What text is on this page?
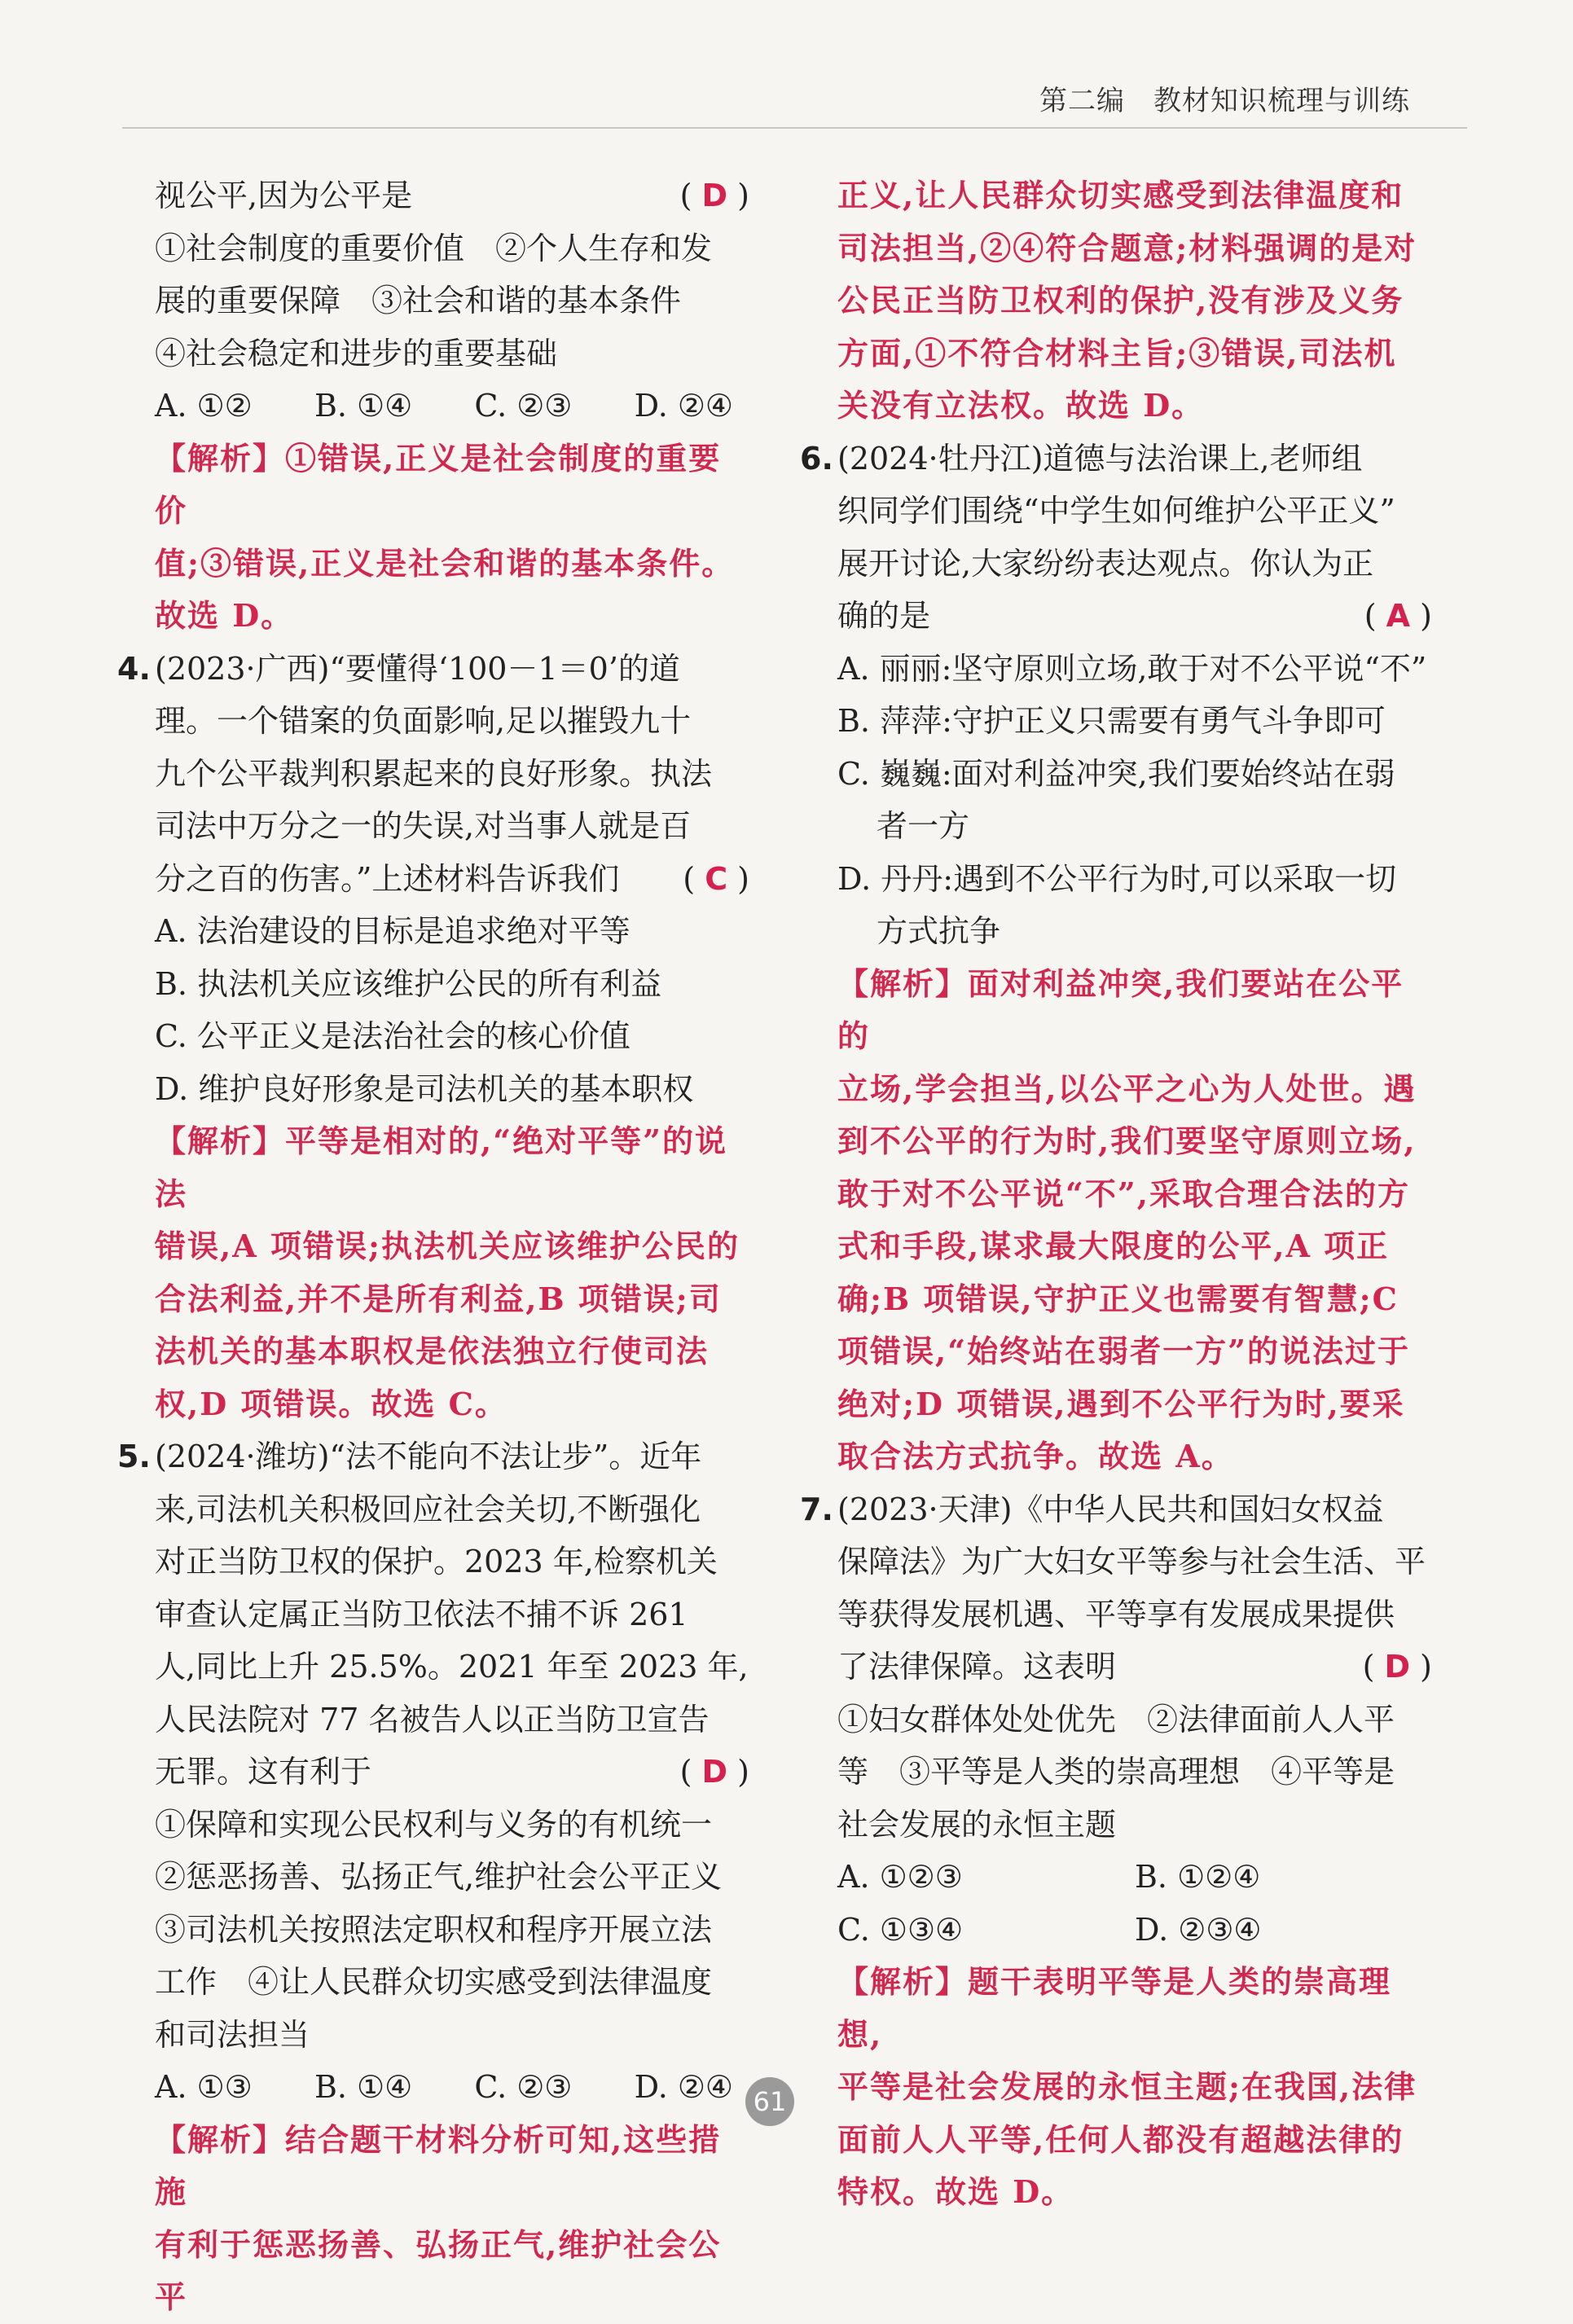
第二编　教材知识梳理与训练
视公平,因为公平是	( D )
①社会制度的重要价值　②个人生存和发
展的重要保障　③社会和谐的基本条件
④社会稳定和进步的重要基础
A. ①② B. ①④ C. ②③ D. ②④
【解析】①错误,正义是社会制度的重要价
值;③错误,正义是社会和谐的基本条件。
故选 D。
4. (2023·广西)“要懂得‘100－1＝0’的道
理。一个错案的负面影响,足以摧毁九十
九个公平裁判积累起来的良好形象。执法
司法中万分之一的失误,对当事人就是百
分之百的伤害。”上述材料告诉我们 ( C )
A. 法治建设的目标是追求绝对平等
B. 执法机关应该维护公民的所有利益
C. 公平正义是法治社会的核心价值
D. 维护良好形象是司法机关的基本职权
【解析】平等是相对的,“绝对平等”的说法
错误,A 项错误;执法机关应该维护公民的
合法利益,并不是所有利益,B 项错误;司
法机关的基本职权是依法独立行使司法
权,D 项错误。故选 C。
5. (2024·潍坊)“法不能向不法让步”。近年
来,司法机关积极回应社会关切,不断强化
对正当防卫权的保护。2023 年,检察机关
审查认定属正当防卫依法不捕不诉 261
人,同比上升 25.5%。2021 年至 2023 年,
人民法院对 77 名被告人以正当防卫宣告
无罪。这有利于	( D )
①保障和实现公民权利与义务的有机统一
②惩恶扬善、弘扬正气,维护社会公平正义
③司法机关按照法定职权和程序开展立法
工作　④让人民群众切实感受到法律温度
和司法担当
A. ①③ B. ①④ C. ②③ D. ②④
【解析】结合题干材料分析可知,这些措施
有利于惩恶扬善、弘扬正气,维护社会公平
正义,让人民群众切实感受到法律温度和
司法担当,②④符合题意;材料强调的是对
公民正当防卫权利的保护,没有涉及义务
方面,①不符合材料主旨;③错误,司法机
关没有立法权。故选 D。
6. (2024·牡丹江)道德与法治课上,老师组
织同学们围绕“中学生如何维护公平正义”
展开讨论,大家纷纷表达观点。你认为正
确的是	( A )
A. 丽丽:坚守原则立场,敢于对不公平说“不”
B. 萍萍:守护正义只需要有勇气斗争即可
C. 巍巍:面对利益冲突,我们要始终站在弱
者一方
D. 丹丹:遇到不公平行为时,可以采取一切
方式抗争
【解析】面对利益冲突,我们要站在公平的
立场,学会担当,以公平之心为人处世。遇
到不公平的行为时,我们要坚守原则立场,
敢于对不公平说“不”,采取合理合法的方
式和手段,谋求最大限度的公平,A 项正
确;B 项错误,守护正义也需要有智慧;C
项错误,“始终站在弱者一方”的说法过于
绝对;D 项错误,遇到不公平行为时,要采
取合法方式抗争。故选 A。
7. (2023·天津)《中华人民共和国妇女权益
保障法》为广大妇女平等参与社会生活、平
等获得发展机遇、平等享有发展成果提供
了法律保障。这表明	( D )
①妇女群体处处优先　②法律面前人人平
等　③平等是人类的崇高理想　④平等是
社会发展的永恒主题
A. ①②③	B. ①②④
C. ①③④	D. ②③④
【解析】题干表明平等是人类的崇高理想,
平等是社会发展的永恒主题;在我国,法律
面前人人平等,任何人都没有超越法律的
特权。故选 D。
61
